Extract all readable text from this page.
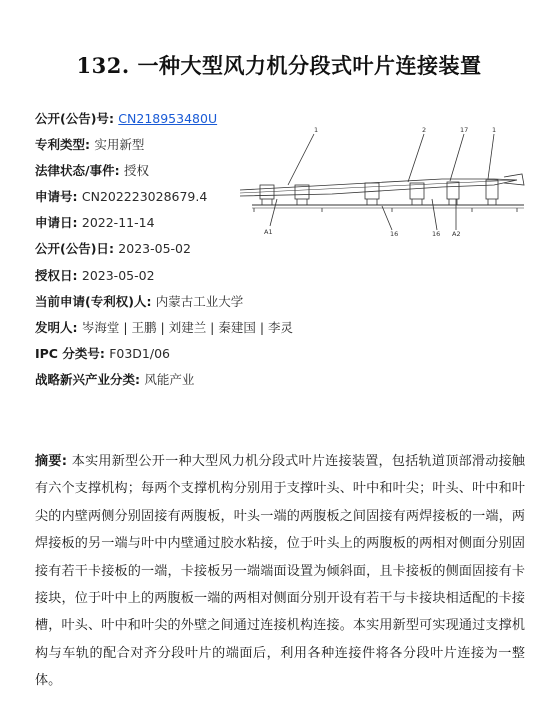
132. 一种大型风力机分段式叶片连接装置
公开(公告)号: CN218953480U
专利类型: 实用新型
法律状态/事件: 授权
申请号: CN202223028679.4
申请日: 2022-11-14
公开(公告)日: 2023-05-02
授权日: 2023-05-02
当前申请(专利权)人: 内蒙古工业大学
发明人: 岑海堂 | 王鹏 | 刘建兰 | 秦建国 | 李灵
IPC 分类号: F03D1/06
战略新兴产业分类: 风能产业
1	2	17	1
A1	16	16 A2
摘要: 本实用新型公开一种大型风力机分段式叶片连接装置，包括轨道顶部滑动接触有六个支撑机构；每两个支撑机构分别用于支撑叶头、叶中和叶尖；叶头、叶中和叶尖的内壁两侧分别固接有两腹板，叶头一端的两腹板之间固接有两焊接板的一端，两焊接板的另一端与叶中内壁通过胶水粘接，位于叶头上的两腹板的两相对侧面分别固接有若干卡接板的一端，卡接板另一端端面设置为倾斜面，且卡接板的侧面固接有卡接块，位于叶中上的两腹板一端的两相对侧面分别开设有若干与卡接块相适配的卡接槽，叶头、叶中和叶尖的外壁之间通过连接机构连接。本实用新型可实现通过支撑机构与车轨的配合对齐分段叶片的端面后，利用各种连接件将各分段叶片连接为一整体。
